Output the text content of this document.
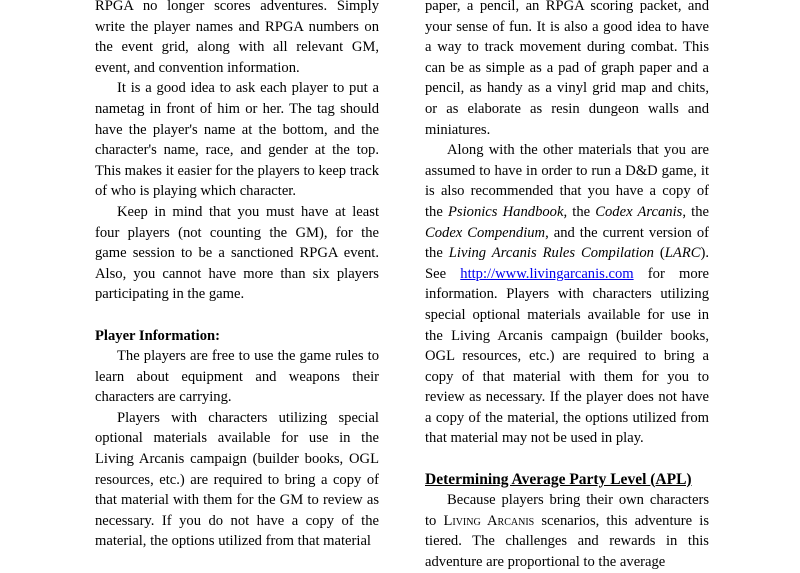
RPGA no longer scores adventures. Simply write the player names and RPGA numbers on the event grid, along with all relevant GM, event, and convention information.

It is a good idea to ask each player to put a nametag in front of him or her. The tag should have the player's name at the bottom, and the character's name, race, and gender at the top. This makes it easier for the players to keep track of who is playing which character.

Keep in mind that you must have at least four players (not counting the GM), for the game session to be a sanctioned RPGA event. Also, you cannot have more than six players participating in the game.

Player Information:

The players are free to use the game rules to learn about equipment and weapons their characters are carrying.

Players with characters utilizing special optional materials available for use in the Living Arcanis campaign (builder books, OGL resources, etc.) are required to bring a copy of that material with them for the GM to review as necessary. If you do not have a copy of the material, the options utilized from that material

paper, a pencil, an RPGA scoring packet, and your sense of fun. It is also a good idea to have a way to track movement during combat. This can be as simple as a pad of graph paper and a pencil, as handy as a vinyl grid map and chits, or as elaborate as resin dungeon walls and miniatures.

Along with the other materials that you are assumed to have in order to run a D&D game, it is also recommended that you have a copy of the Psionics Handbook, the Codex Arcanis, the Codex Compendium, and the current version of the Living Arcanis Rules Compilation (LARC). See http://www.livingarcanis.com for more information. Players with characters utilizing special optional materials available for use in the Living Arcanis campaign (builder books, OGL resources, etc.) are required to bring a copy of that material with them for you to review as necessary. If the player does not have a copy of the material, the options utilized from that material may not be used in play.

Determining Average Party Level (APL)

Because players bring their own characters to Living Arcanis scenarios, this adventure is tiered. The challenges and rewards in this adventure are proportional to the average
